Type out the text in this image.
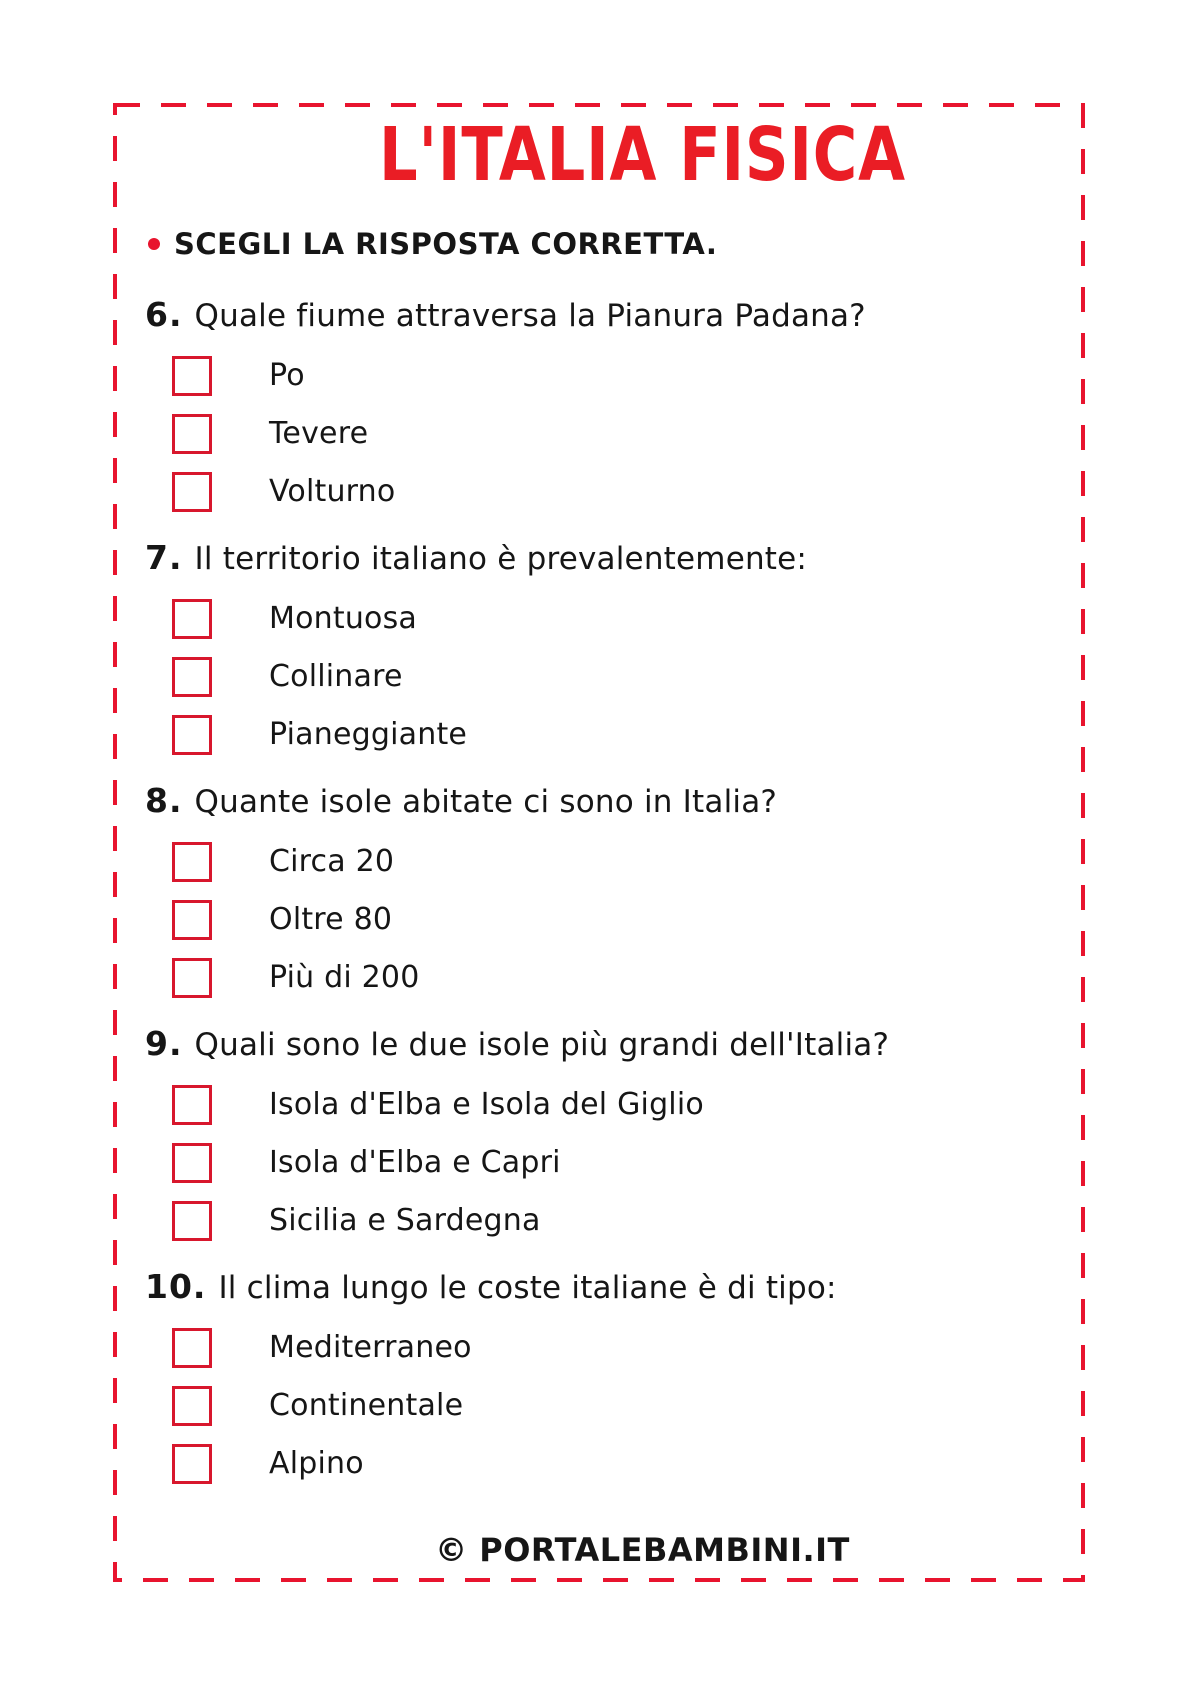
L'ITALIA FISICA
SCEGLI LA RISPOSTA CORRETTA.
6. Quale fiume attraversa la Pianura Padana?
Po
Tevere
Volturno
7. Il territorio italiano è prevalentemente:
Montuosa
Collinare
Pianeggiante
8. Quante isole abitate ci sono in Italia?
Circa 20
Oltre 80
Più di 200
9. Quali sono le due isole più grandi dell'Italia?
Isola d'Elba e Isola del Giglio
Isola d'Elba e Capri
Sicilia e Sardegna
10. Il clima lungo le coste italiane è di tipo:
Mediterraneo
Continentale
Alpino
© PORTALEBAMBINI.IT
